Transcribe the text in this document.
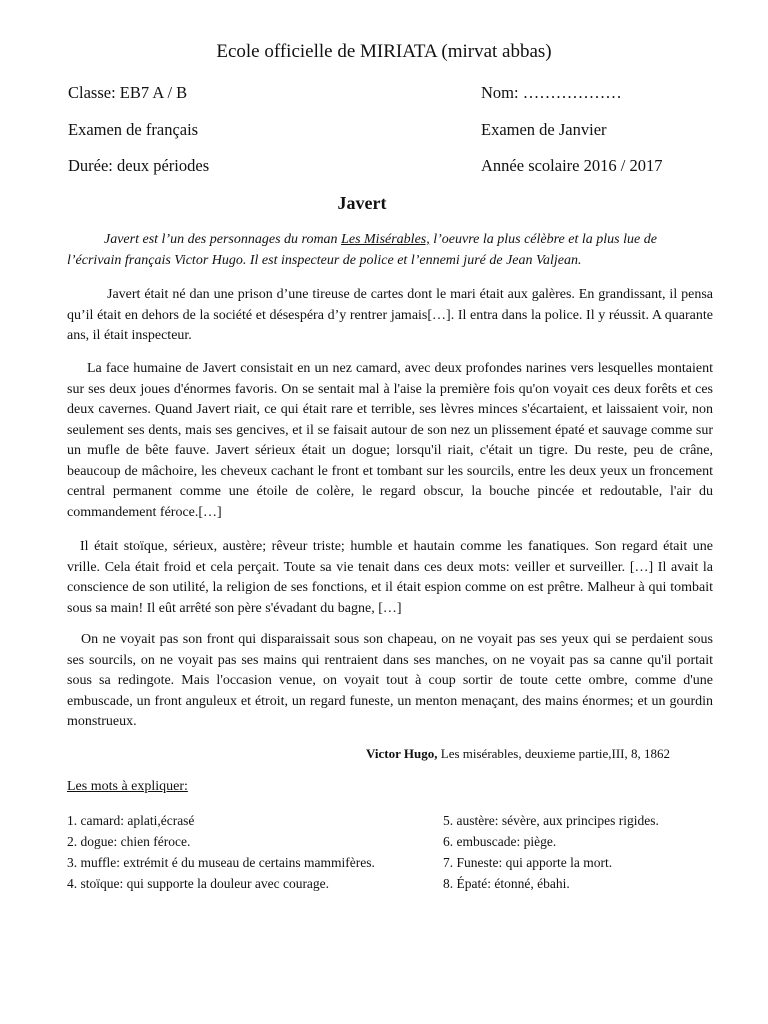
Ecole officielle de MIRIATA (mirvat abbas)
Classe: EB7 A / B	Nom: ………………
Examen de français	Examen de Janvier
Durée: deux périodes	Année scolaire 2016 / 2017
Javert
Javert est l’un des personnages du roman Les Misérables, l’oeuvre la plus célèbre et la plus lue de l’écrivain français Victor Hugo. Il est inspecteur de police et l’ennemi juré de Jean Valjean.
Javert était né dan une prison d’une tireuse de cartes dont le mari était aux galères. En grandissant, il pensa qu’il était en dehors de la société et désespéra d’y rentrer jamais[…]. Il entra dans la police. Il y réussit. A quarante ans, il était inspecteur.
La face humaine de Javert consistait en un nez camard, avec deux profondes narines vers lesquelles montaient sur ses deux joues d'énormes favoris. On se sentait mal à l'aise la première fois qu'on voyait ces deux forêts et ces deux cavernes. Quand Javert riait, ce qui était rare et terrible, ses lèvres minces s'écartaient, et laissaient voir, non seulement ses dents, mais ses gencives, et il se faisait autour de son nez un plissement épaté et sauvage comme sur un mufle de bête fauve. Javert sérieux était un dogue; lorsqu'il riait, c'était un tigre. Du reste, peu de crâne, beaucoup de mâchoire, les cheveux cachant le front et tombant sur les sourcils, entre les deux yeux un froncement central permanent comme une étoile de colère, le regard obscur, la bouche pincée et redoutable, l'air du commandement féroce.[…]
Il était stoïque, sérieux, austère; rêveur triste; humble et hautain comme les fanatiques. Son regard était une vrille. Cela était froid et cela perçait. Toute sa vie tenait dans ces deux mots: veiller et surveiller. […] Il avait la conscience de son utilité, la religion de ses fonctions, et il était espion comme on est prêtre. Malheur à qui tombait sous sa main! Il eût arrêté son père s'évadant du bagne, […]
On ne voyait pas son front qui disparaissait sous son chapeau, on ne voyait pas ses yeux qui se perdaient sous ses sourcils, on ne voyait pas ses mains qui rentraient dans ses manches, on ne voyait pas sa canne qu'il portait sous sa redingote. Mais l'occasion venue, on voyait tout à coup sortir de toute cette ombre, comme d'une embuscade, un front anguleux et étroit, un regard funeste, un menton menaçant, des mains énormes; et un gourdin monstrueux.
Victor Hugo, Les misérables, deuxieme partie,III, 8, 1862
Les mots à expliquer:
1. camard: aplati,écrasé
2. dogue: chien féroce.
3. muffle: extrémit é du museau de certains mammifères.
4. stoïque: qui supporte la douleur avec courage.
5. austère: sévère, aux principes rigides.
6. embuscade: piège.
7. Funeste: qui apporte la mort.
8. Épaté: étonné, ébahi.
